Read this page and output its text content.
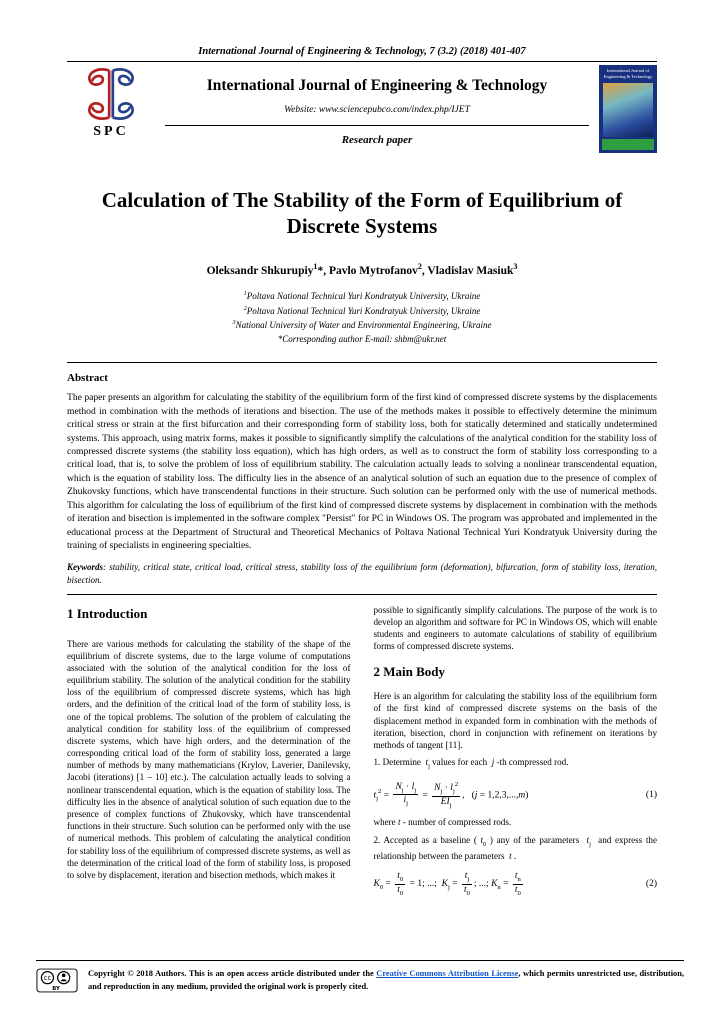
International Journal of Engineering & Technology, 7 (3.2) (2018) 401-407
SPC
International Journal of Engineering & Technology
Website: www.sciencepubco.com/index.php/IJET
Research paper
International Journal of Engineering & Technology
Calculation of The Stability of the Form of Equilibrium of Discrete Systems
Oleksandr Shkurupiy$^1$*, Pavlo Mytrofanov$^2$, Vladislav Masiuk$^3$
$^1$Poltava National Technical Yuri Kondratyuk University, Ukraine
$^2$Poltava National Technical Yuri Kondratyuk University, Ukraine
$^3$National University of Water and Environmental Engineering, Ukraine
*Corresponding author E-mail: shbm@ukr.net
Abstract
The paper presents an algorithm for calculating the stability of the equilibrium form of the first kind of compressed discrete systems by the displacements method in combination with the methods of iterations and bisection. The use of the methods makes it possible to effectively determine the minimum critical stress or strain at the first bifurcation and their corresponding form of stability loss, both for statically determined and statically undetermined systems. This approach, using matrix forms, makes it possible to significantly simplify the calculations of the analytical condition for the stability loss of compressed discrete systems (the stability loss equation), which has high orders, as well as to construct the form of stability loss corresponding to a critical load, that is, to solve the problem of loss of equilibrium stability. The calculation actually leads to solving a nonlinear transcendental equation, which is the equation of stability loss. The difficulty lies in the absence of an analytical solution of such an equation due to the presence of complex of Zhukovsky functions, which have transcendental functions in their structure. Such solution can be performed only with the use of numerical methods. This algorithm for calculating the loss of equilibrium of the first kind of compressed discrete systems by displacement in combination with the methods of iteration and bisection is implemented in the software complex "Persist" for PC in Windows OS. The program was approbated and implemented in the educational process at the Department of Structural and Theoretical Mechanics of Poltava National Technical Yuri Kondratyuk University during the training of specialists in engineering specialties.
Keywords: stability, critical state, critical load, critical stress, stability loss of the equilibrium form (deformation), bifurcation, form of stability loss, iteration, bisection.
1 Introduction
There are various methods for calculating the stability of the shape of the equilibrium of discrete systems, due to the large volume of computations associated with the solution of the analytical condition for the loss of equilibrium stability. The solution of the analytical condition for the stability loss of the equilibrium of compressed discrete systems, which has high orders, and the definition of the critical load of the form of stability loss, is one of the topical problems. The solution of the problem of calculating the analytical condition for stability loss of the equilibrium of compressed discrete systems, which have high orders, and the determination of the corresponding critical load of the form of stability loss, generated a large number of methods by many mathematicians (Krylov, Laverier, Danilevsky, Jacobi (iterations) [1 – 10] etc.). The calculation actually leads to solving a nonlinear transcendental equation, which is the equation of stability loss. The difficulty lies in the absence of analytical solution of such equation due to the presence of complex functions of Zhukovsky, which have transcendental functions in their structure. Such solution can be performed only with the use of numerical methods. This problem of calculating the analytical condition for stability loss of the equilibrium of compressed discrete systems, as well as the determination of the critical load of the form of stability loss, is proposed to solve by displacement, iteration and bisection methods, which makes it
possible to significantly simplify calculations. The purpose of the work is to develop an algorithm and software for PC in Windows OS, which will enable students and engineers to automate calculations of stability of equilibrium forms of compressed discrete systems.
2 Main Body
Here is an algorithm for calculating the stability loss of the equilibrium form of the first kind of compressed discrete systems on the basis of the displacement method in expanded form in combination with the methods of iteration, bisection, chord in conjunction with refinement on iterations by methods of tangent [11].
1. Determine  $t_j$ values for each  j -th compressed rod.
$t_j^2 = \frac{N_j \cdot l_j}{i_j} = \frac{N_j \cdot l_j^2}{EI_j}$ ,   (j = 1,2,3,...,m)	(1)
where t - number of compressed rods.
2. Accepted as a baseline ( $t_0$ ) any of the parameters  $t_j$  and express the relationship between the parameters  t .
$K_0 = \frac{t_0}{t_0} = 1$; ...;  $K_j = \frac{t_j}{t_0}$ ; ...; $K_n = \frac{t_n}{t_0}$	(2)
cc
BY
Copyright © 2018 Authors. This is an open access article distributed under the Creative Commons Attribution License, which permits unrestricted use, distribution, and reproduction in any medium, provided the original work is properly cited.
